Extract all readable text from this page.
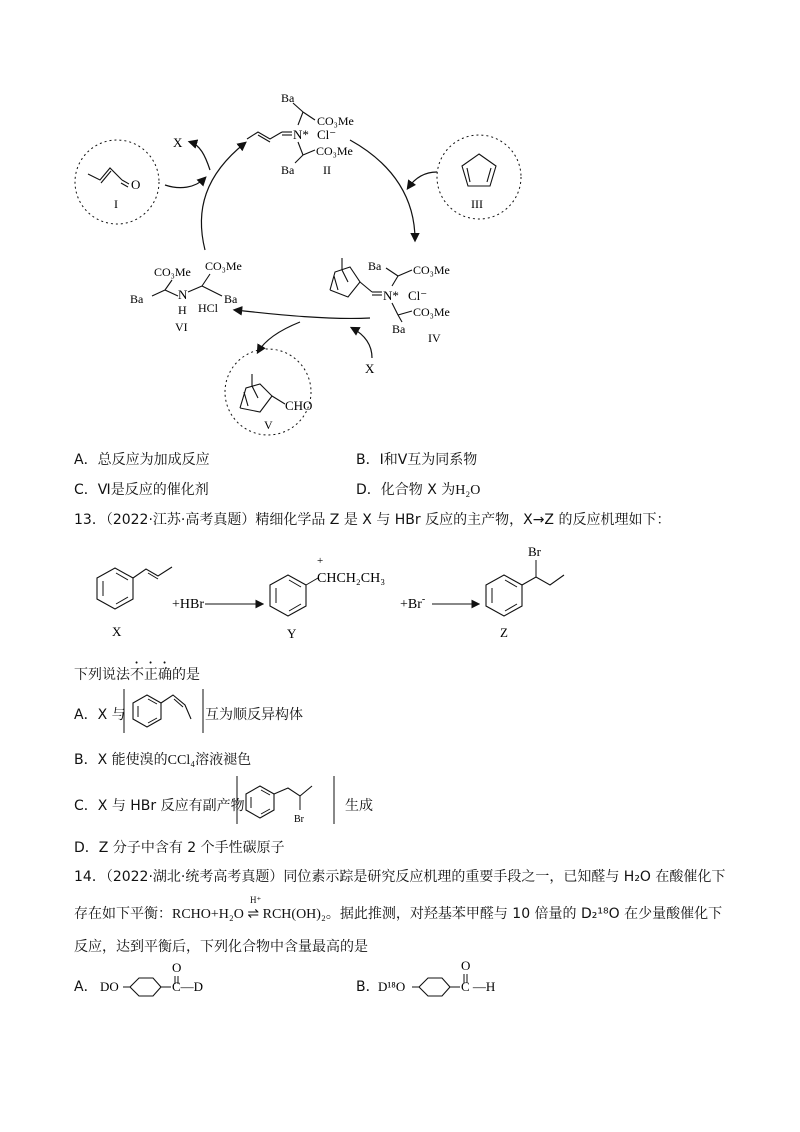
O
I
X
N* Cl⁻
Ba
CO₃Me
CO₃Me
Ba II
III
N* Cl⁻
Ba	CO₃Me
CO₃Me
Ba
IV
CO₃Me CO₃Me
N
H
Ba	Ba
HCl
VI
X
CHO
V
A．总反应为加成反应	B．Ⅰ和Ⅴ互为同系物
C．Ⅵ是反应的催化剂	D．化合物 X 为H₂O
13．（2022·江苏·高考真题）精细化学品 Z 是 X 与 HBr 反应的主产物，X→Z 的反应机理如下：
X
+HBr
+
CHCH₂CH₃
Y
+Br-
Br
Z
下列说法不正确的是
A．X 与	互为顺反异构体
B．X 能使溴的CCl₄溶液褪色
C．X 与 HBr 反应有副产物
Br
生成
D．Z 分子中含有 2 个手性碳原子
14．（2022·湖北·统考高考真题）同位素示踪是研究反应机理的重要手段之一，已知醛与 H₂O 在酸催化下
存在如下平衡：
H⁺
RCHO+H₂O ⇌ RCH(OH)₂。据此推测，对羟基苯甲醛与 10 倍量的 D₂¹⁸O 在少量酸催化下
反应，达到平衡后，下列化合物中含量最高的是
A． DO
O
C—D	B．
D¹⁸O
O
C —H
